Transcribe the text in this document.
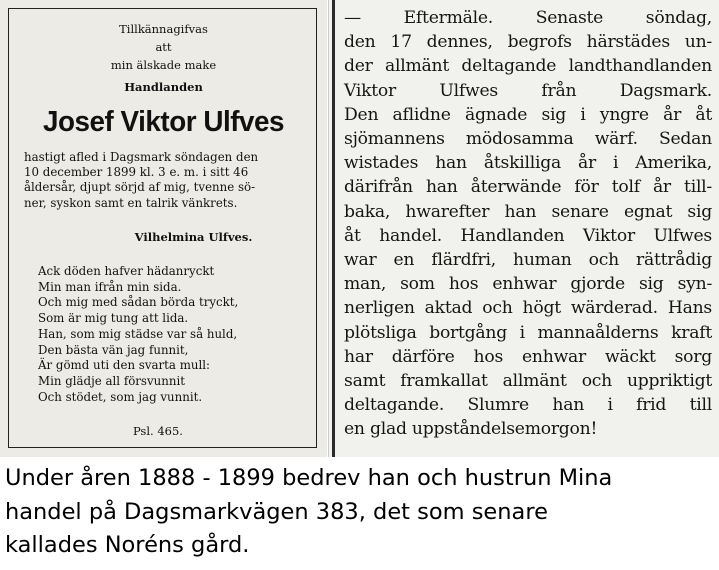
Tillkännagifvas
att
min älskade make
Handlanden
Josef Viktor Ulfves
hastigt afled i Dagsmark söndagen den
10 december 1899 kl. 3 e. m. i sitt 46
åldersår, djupt sörjd af mig, tvenne sö-
ner, syskon samt en talrik vänkrets.
Vilhelmina Ulfves.
Ack döden hafver hädanryckt
Min man ifrån min sida.
Och mig med sådan börda tryckt,
Som är mig tung att lida.
Han, som mig städse var så huld,
Den bästa vän jag funnit,
Är gömd uti den svarta mull:
Min glädje all försvunnit
Och stödet, som jag vunnit.
Psl. 465.
— Eftermäle. Senaste söndag,
den 17 dennes, begrofs härstädes un-
der allmänt deltagande landthandlanden
Viktor Ulfwes från Dagsmark.
Den aflidne ägnade sig i yngre år åt
sjömannens mödosamma wärf. Sedan
wistades han åtskilliga år i Amerika,
därifrån han återwände för tolf år till-
baka, hwarefter han senare egnat sig
åt handel. Handlanden Viktor Ulfwes
war en flärdfri, human och rättrådig
man, som hos enhwar gjorde sig syn-
nerligen aktad och högt wärderad. Hans
plötsliga bortgång i mannaålderns kraft
har därföre hos enhwar wäckt sorg
samt framkallat allmänt och uppriktigt
deltagande. Slumre han i frid till
en glad uppståndelsemorgon!
Under åren 1888 - 1899 bedrev han och hustrun Mina
handel på Dagsmarkvägen 383, det som senare
kallades Noréns gård.
